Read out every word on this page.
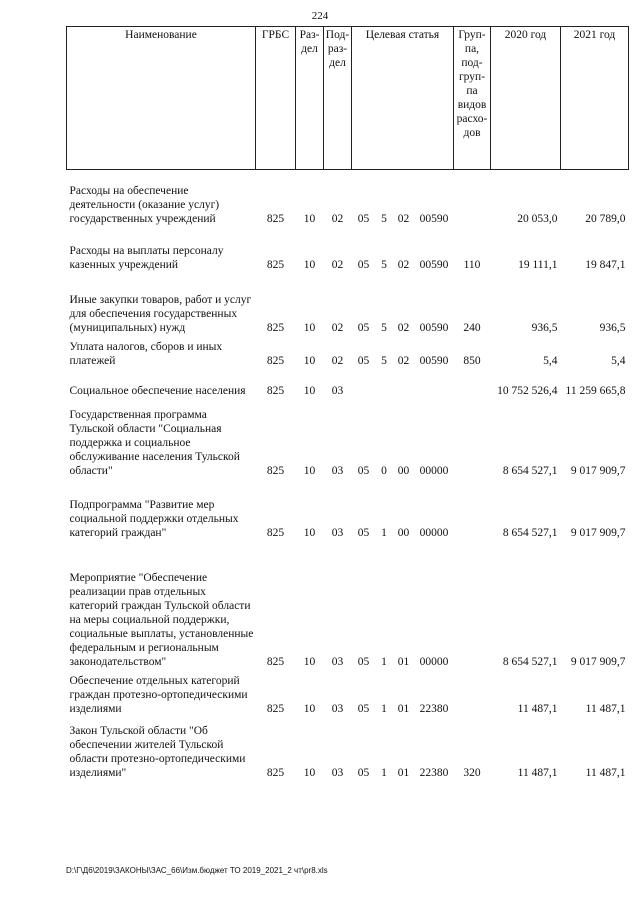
224
Наименование	ГРБС	Раз-дел	Под-раз-дел	Целевая статья				Груп-па, под-груп-па видов расхо-дов	2020 год	2021 год
Расходы на обеспечение деятельности (оказание услуг) государственных учреждений	825	10	02	05	5	02	00590		20 053,0	20 789,0
Расходы на выплаты персоналу казенных учреждений	825	10	02	05	5	02	00590	110	19 111,1	19 847,1
Иные закупки товаров, работ и услуг для обеспечения государственных (муниципальных) нужд	825	10	02	05	5	02	00590	240	936,5	936,5
Уплата налогов, сборов и иных платежей	825	10	02	05	5	02	00590	850	5,4	5,4
Социальное обеспечение населения	825	10	03						10 752 526,4	11 259 665,8
Государственная программа Тульской области "Социальная поддержка и социальное обслуживание населения Тульской области"	825	10	03	05	0	00	00000		8 654 527,1	9 017 909,7
Подпрограмма "Развитие мер социальной поддержки отдельных категорий граждан"	825	10	03	05	1	00	00000		8 654 527,1	9 017 909,7
Мероприятие "Обеспечение реализации прав отдельных категорий граждан Тульской области на меры социальной поддержки, социальные выплаты, установленные федеральным и региональным законодательством"	825	10	03	05	1	01	00000		8 654 527,1	9 017 909,7
Обеспечение отдельных категорий граждан протезно-ортопедическими изделиями	825	10	03	05	1	01	22380		11 487,1	11 487,1
Закон Тульской области "Об обеспечении жителей Тульской области протезно-ортопедическими изделиями"	825	10	03	05	1	01	22380	320	11 487,1	11 487,1
D:\Г\Д6\2019\ЗАКОНЫ\ЗАС_66\Изм.бюджет ТО 2019_2021_2 чт\pr8.xls
